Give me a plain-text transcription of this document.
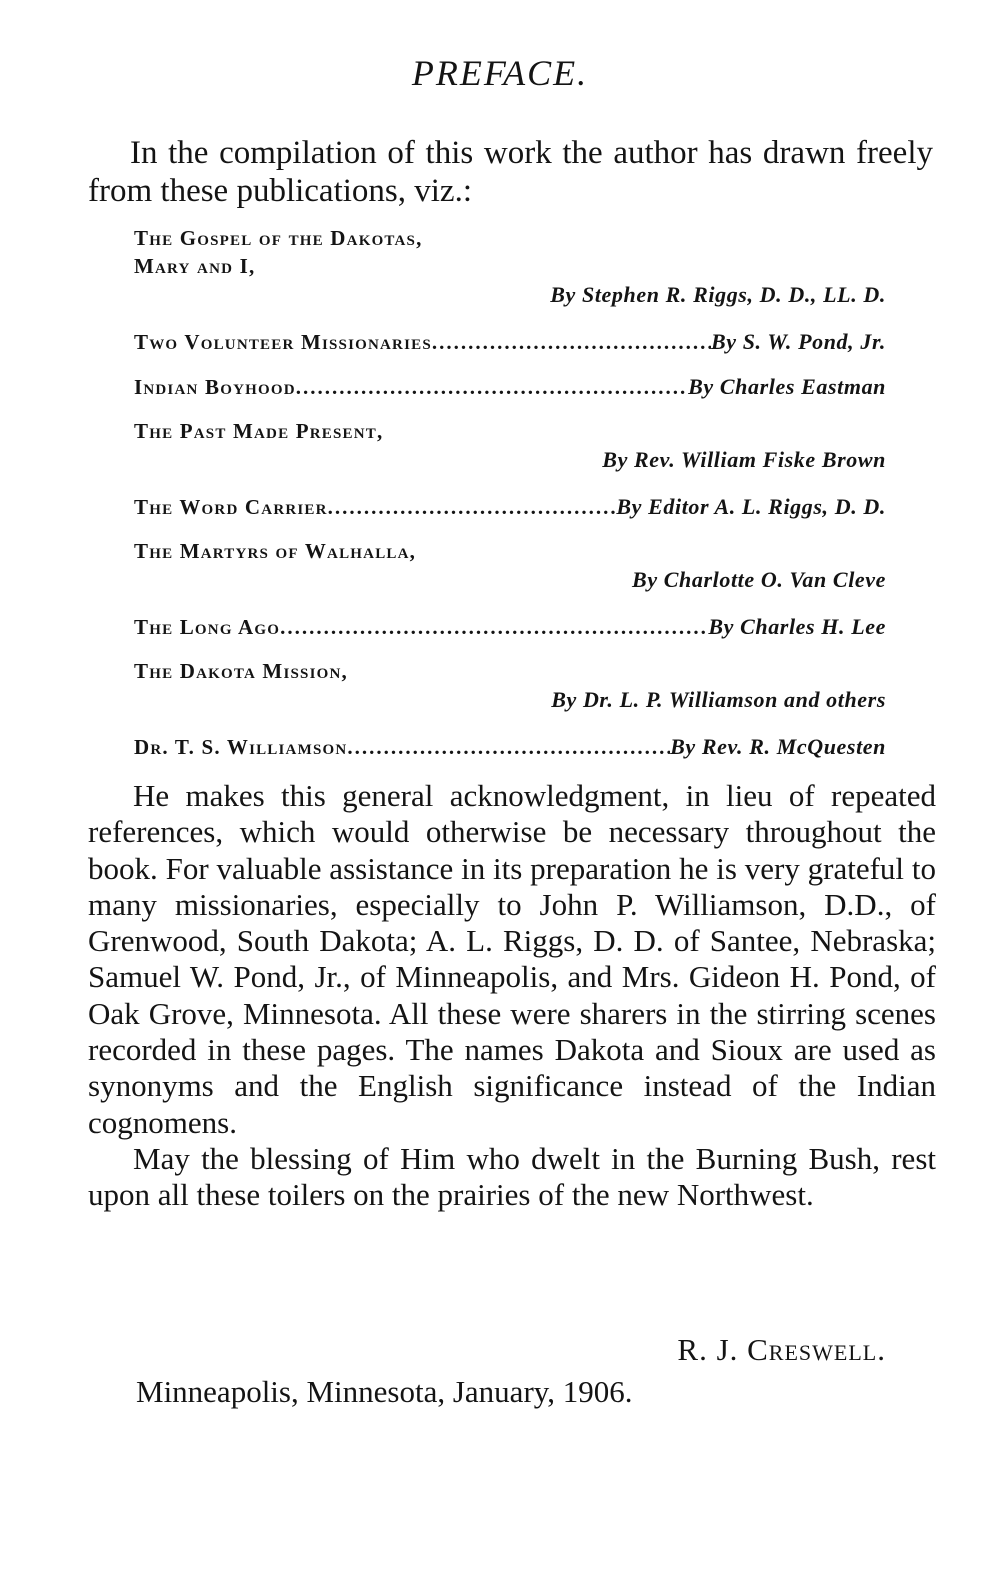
PREFACE.
In the compilation of this work the author has drawn freely from these publications, viz.:
The Gospel of the Dakotas,
Mary and I,
By Stephen R. Riggs, D. D., LL. D.
Two Volunteer Missionaries .....	By S. W. Pond, Jr.
Indian Boyhood .....	By Charles Eastman
The Past Made Present,
By Rev. William Fiske Brown
The Word Carrier .....	By Editor A. L. Riggs, D. D.
The Martyrs of Walhalla,
By Charlotte O. Van Cleve
The Long Ago .....	By Charles H. Lee
The Dakota Mission,
By Dr. L. P. Williamson and others
Dr. T. S. Williamson .....	By Rev. R. McQuesten

He makes this general acknowledgment, in lieu of repeated references, which would otherwise be necessary throughout the book. For valuable assistance in its preparation he is very grateful to many missionaries, especially to John P. Williamson, D.D., of Grenwood, South Dakota; A. L. Riggs, D. D. of Santee, Nebraska; Samuel W. Pond, Jr., of Minneapolis, and Mrs. Gideon H. Pond, of Oak Grove, Minnesota. All these were sharers in the stirring scenes recorded in these pages. The names Dakota and Sioux are used as synonyms and the English significance instead of the Indian cognomens.

May the blessing of Him who dwelt in the Burning Bush, rest upon all these toilers on the prairies of the new Northwest.

R. J. Creswell.
Minneapolis, Minnesota, January, 1906.
